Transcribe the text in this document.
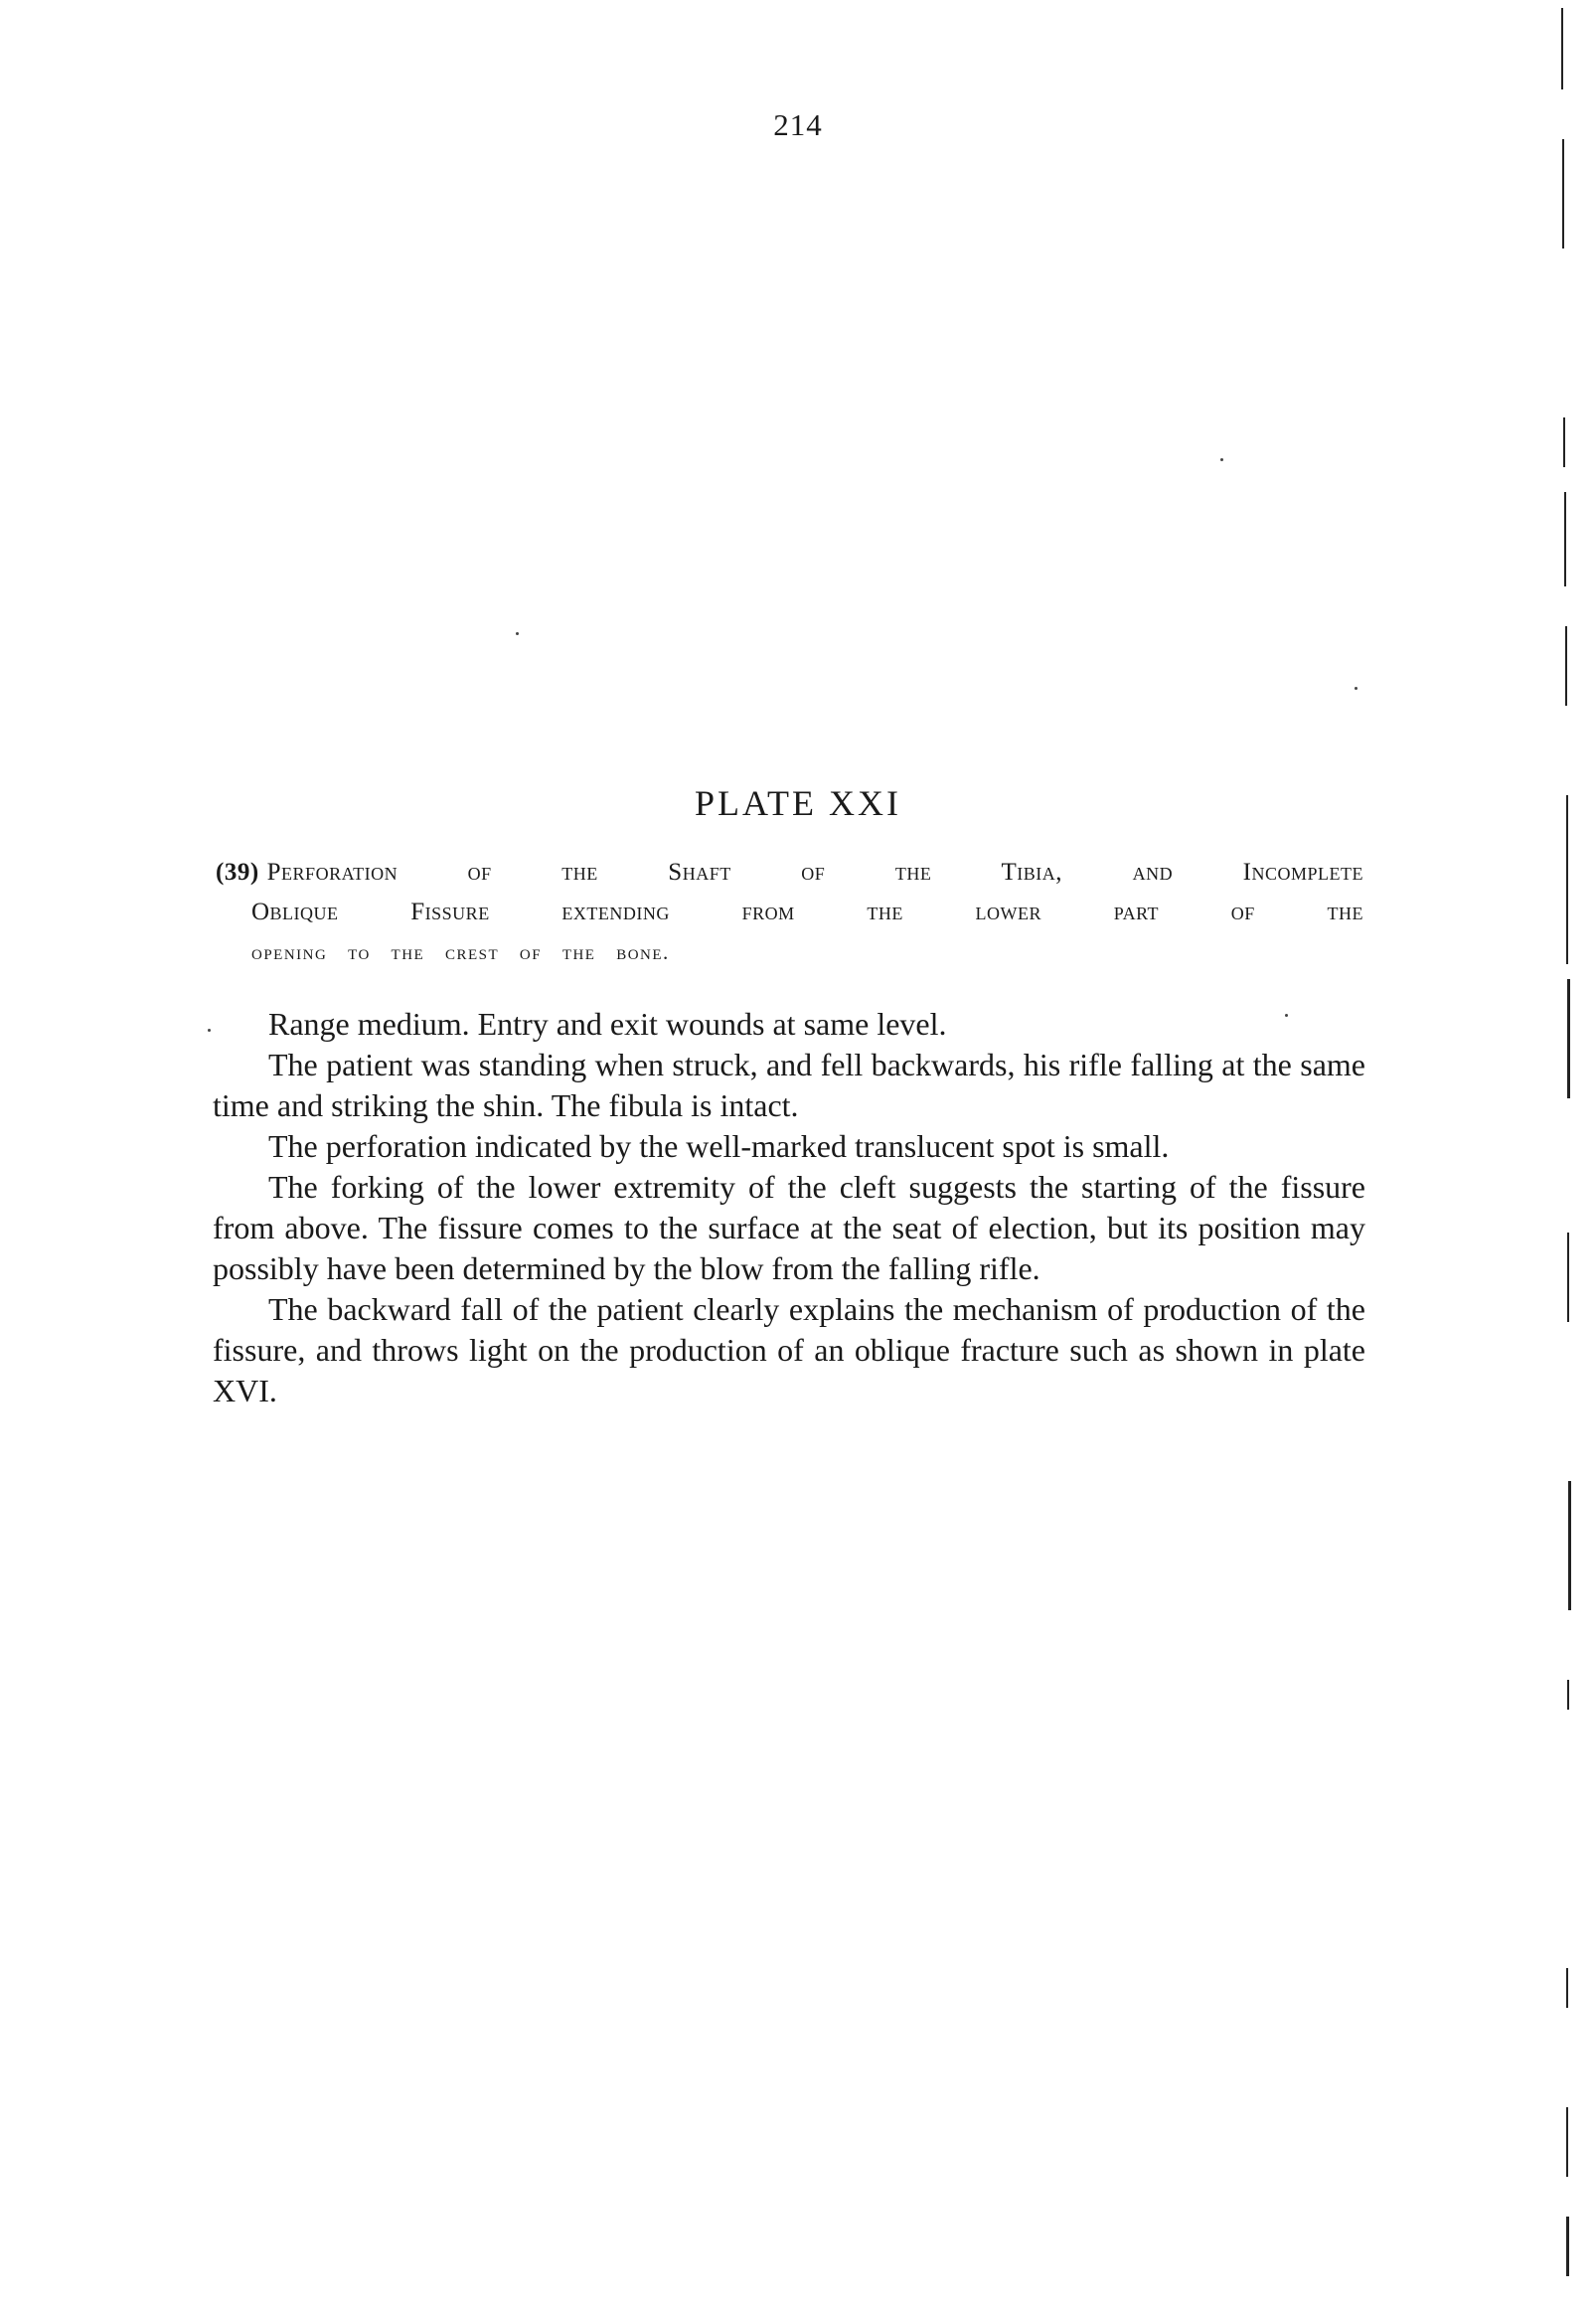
214
PLATE XXI
(39) Perforation of the Shaft of the Tibia, and Incomplete
Oblique Fissure extending from the lower part of the
opening to the crest of the bone.

Range medium. Entry and exit wounds at same level.

The patient was standing when struck, and fell backwards, his rifle falling at the same time and striking the shin. The fibula is intact.

The perforation indicated by the well-marked translucent spot is small.

The forking of the lower extremity of the cleft suggests the starting of the fissure from above. The fissure comes to the surface at the seat of election, but its position may possibly have been determined by the blow from the falling rifle.

The backward fall of the patient clearly explains the mechanism of production of the fissure, and throws light on the production of an oblique fracture such as shown in plate XVI.
